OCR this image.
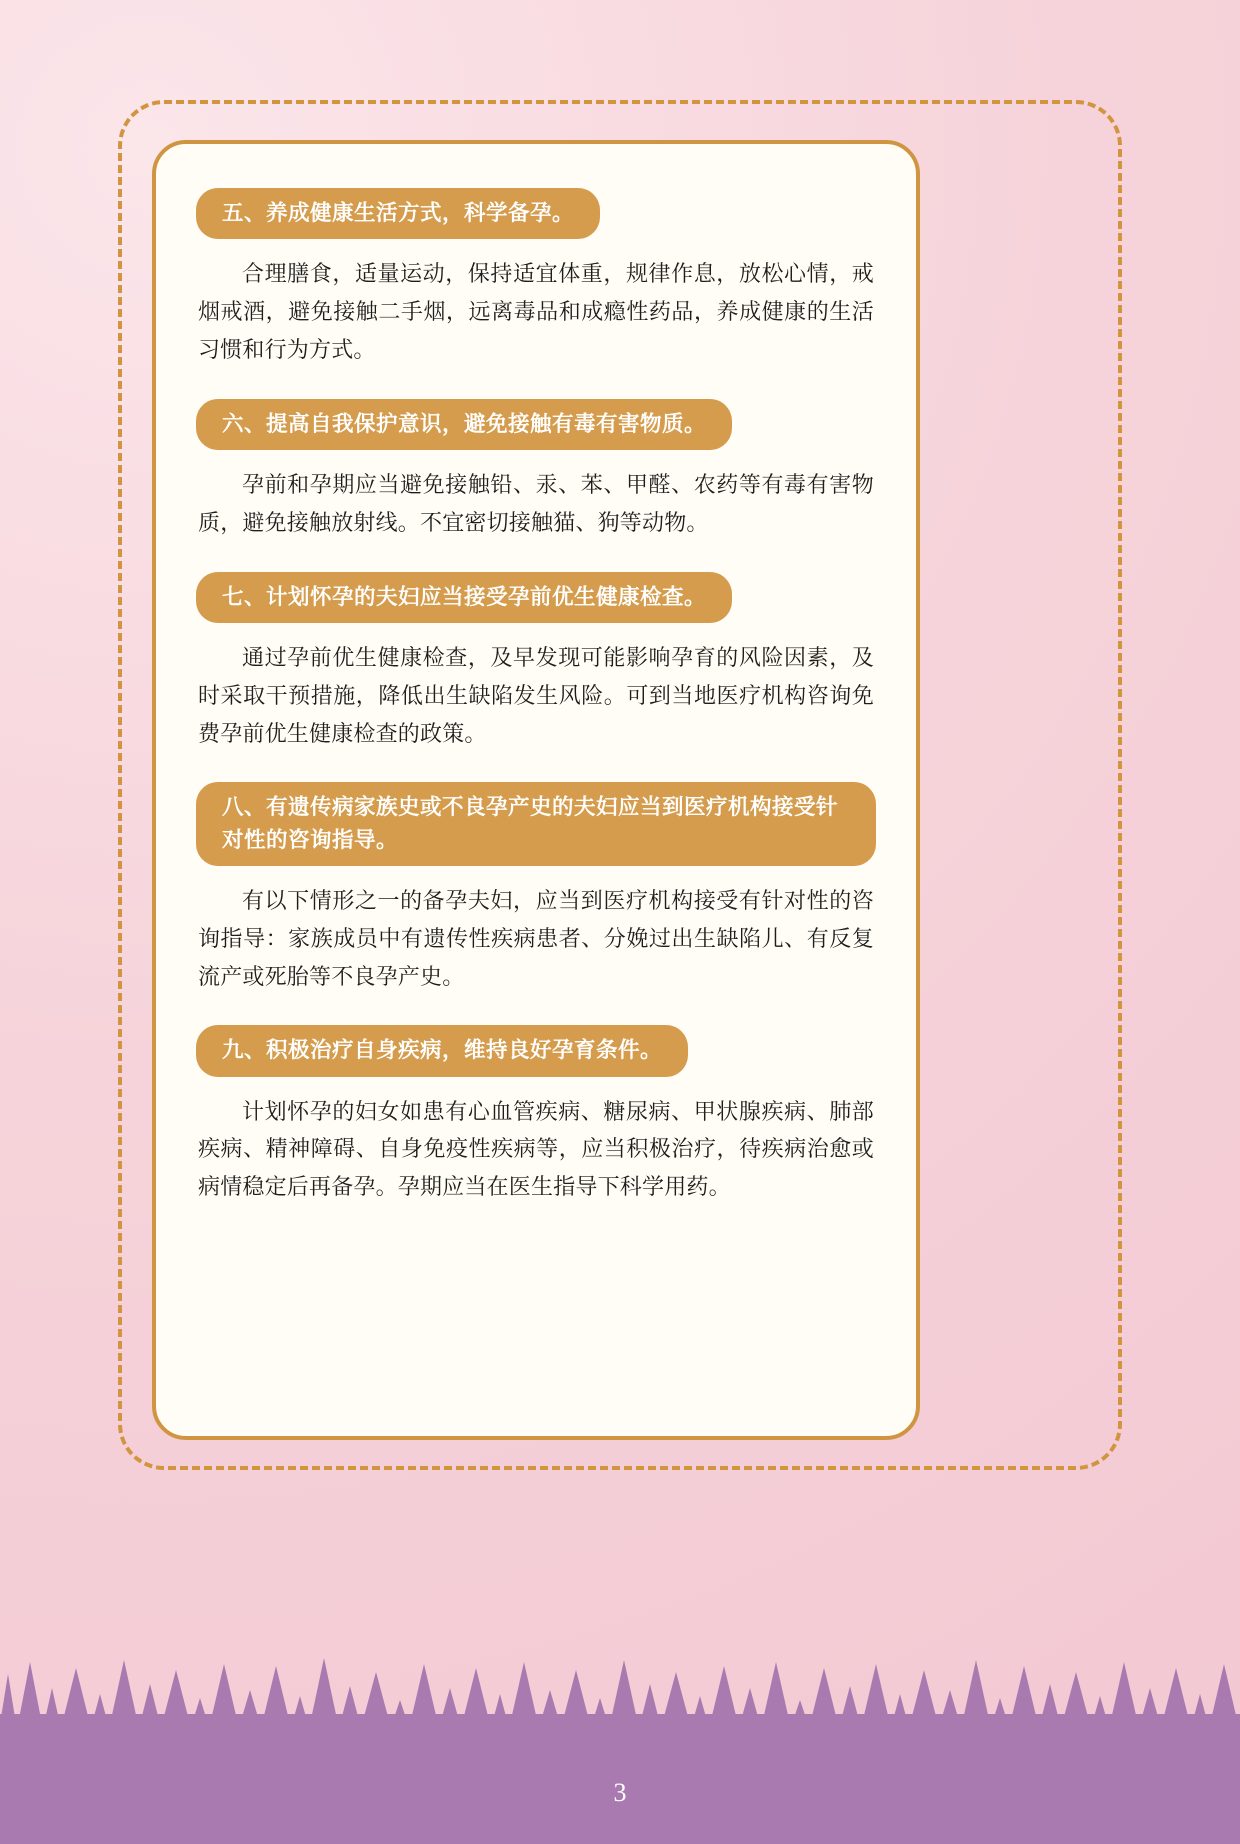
五、养成健康生活方式，科学备孕。
合理膳食，适量运动，保持适宜体重，规律作息，放松心情，戒烟戒酒，避免接触二手烟，远离毒品和成瘾性药品，养成健康的生活习惯和行为方式。
六、提高自我保护意识，避免接触有毒有害物质。
孕前和孕期应当避免接触铅、汞、苯、甲醛、农药等有毒有害物质，避免接触放射线。不宜密切接触猫、狗等动物。
七、计划怀孕的夫妇应当接受孕前优生健康检查。
通过孕前优生健康检查，及早发现可能影响孕育的风险因素，及时采取干预措施，降低出生缺陷发生风险。可到当地医疗机构咨询免费孕前优生健康检查的政策。
八、有遗传病家族史或不良孕产史的夫妇应当到医疗机构接受针对性的咨询指导。
有以下情形之一的备孕夫妇，应当到医疗机构接受有针对性的咨询指导：家族成员中有遗传性疾病患者、分娩过出生缺陷儿、有反复流产或死胎等不良孕产史。
九、积极治疗自身疾病，维持良好孕育条件。
计划怀孕的妇女如患有心血管疾病、糖尿病、甲状腺疾病、肺部疾病、精神障碍、自身免疫性疾病等，应当积极治疗，待疾病治愈或病情稳定后再备孕。孕期应当在医生指导下科学用药。
3
